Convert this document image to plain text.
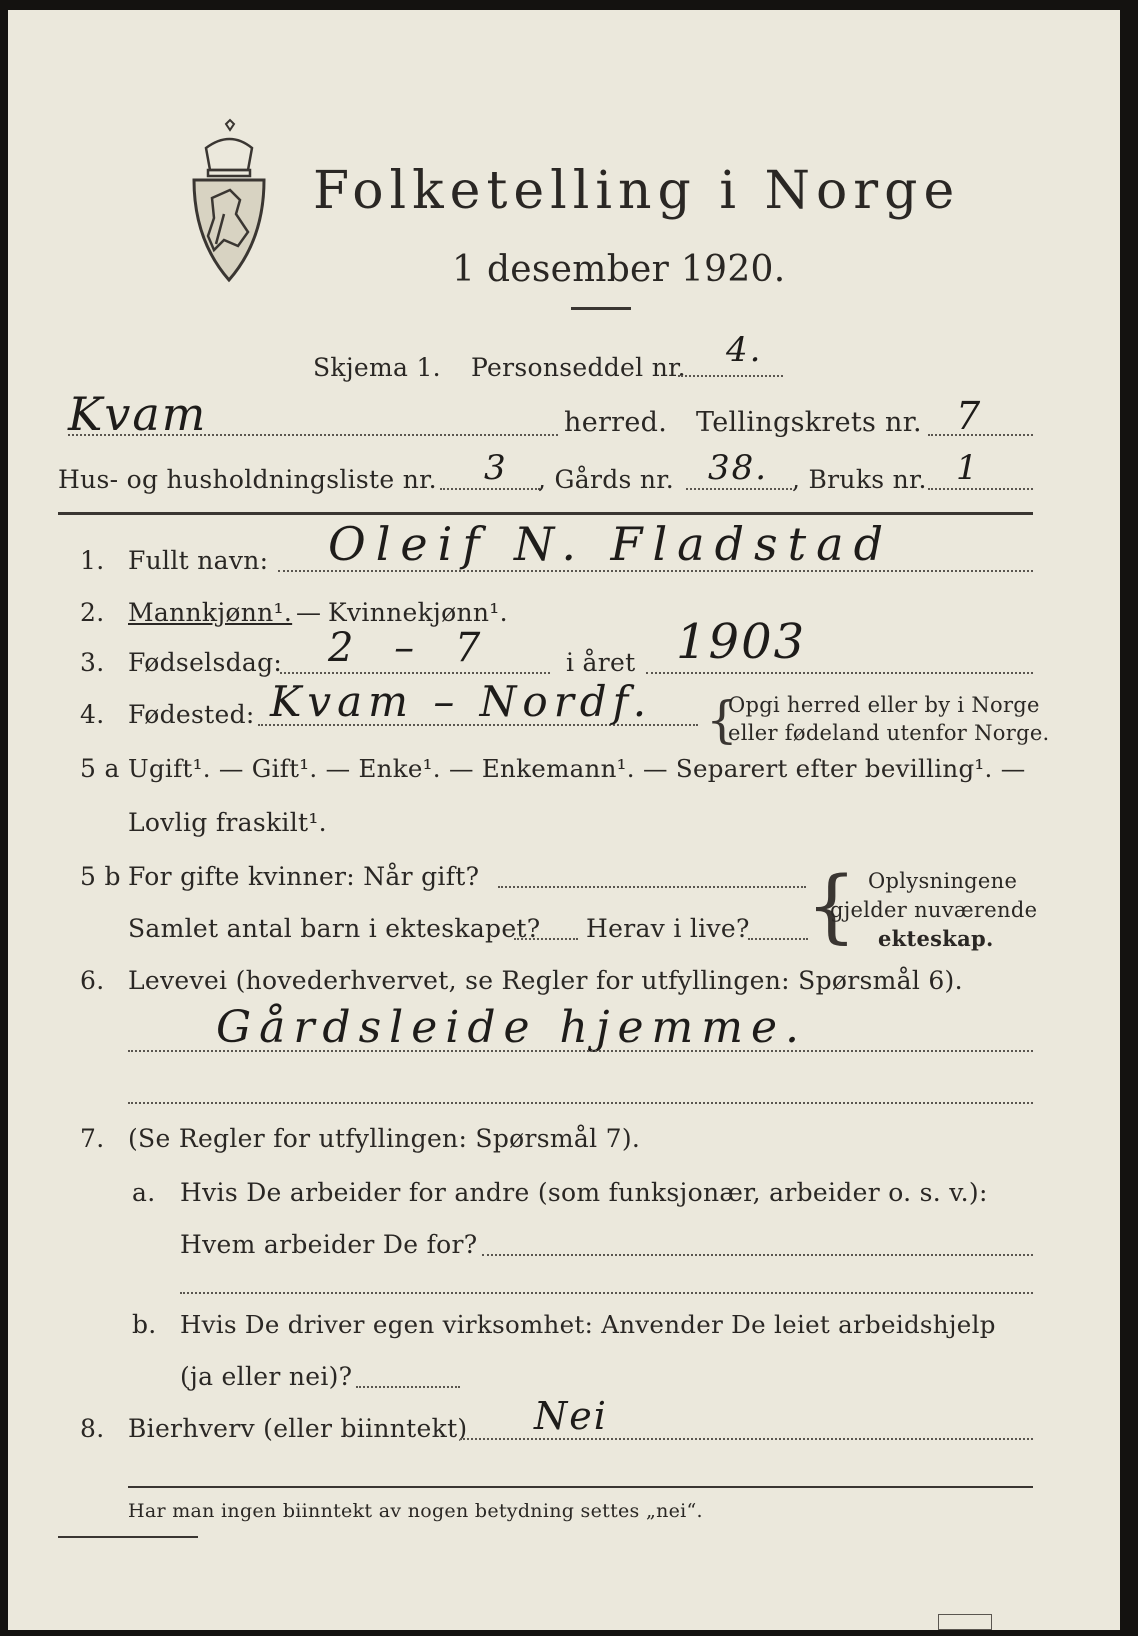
Folketelling i Norge
1 desember 1920.
Skjema 1. Personseddel nr. 4.
Kvam	herred. Tellingskrets nr. 7
Hus- og husholdningsliste nr. 3 , Gårds nr. 38. , Bruks nr. 1
1. Fullt navn: Oleif N. Fladstad
2. Mannkjønn¹. — Kvinnekjønn¹.
3. Fødselsdag: 2 – 7	i året 1903
4. Fødested: Kvam – Nordf. {
Opgi herred eller by i Norge
eller fødeland utenfor Norge.
5 a Ugift¹. — Gift¹. — Enke¹. — Enkemann¹. — Separert efter bevilling¹. —
Lovlig fraskilt¹.
5 b For gifte kvinner: Når gift?
Samlet antal barn i ekteskapet? Herav i live? { Oplysningene
gjelder nuværende
ekteskap.
6. Levevei (hovederhvervet, se Regler for utfyllingen: Spørsmål 6).
Gårdsleide hjemme.
7. (Se Regler for utfyllingen: Spørsmål 7).
a. Hvis De arbeider for andre (som funksjonær, arbeider o. s. v.):
Hvem arbeider De for?
b. Hvis De driver egen virksomhet: Anvender De leiet arbeidshjelp
(ja eller nei)?
8. Bierhverv (eller biinntekt) Nei
Har man ingen biinntekt av nogen betydning settes „nei“.
